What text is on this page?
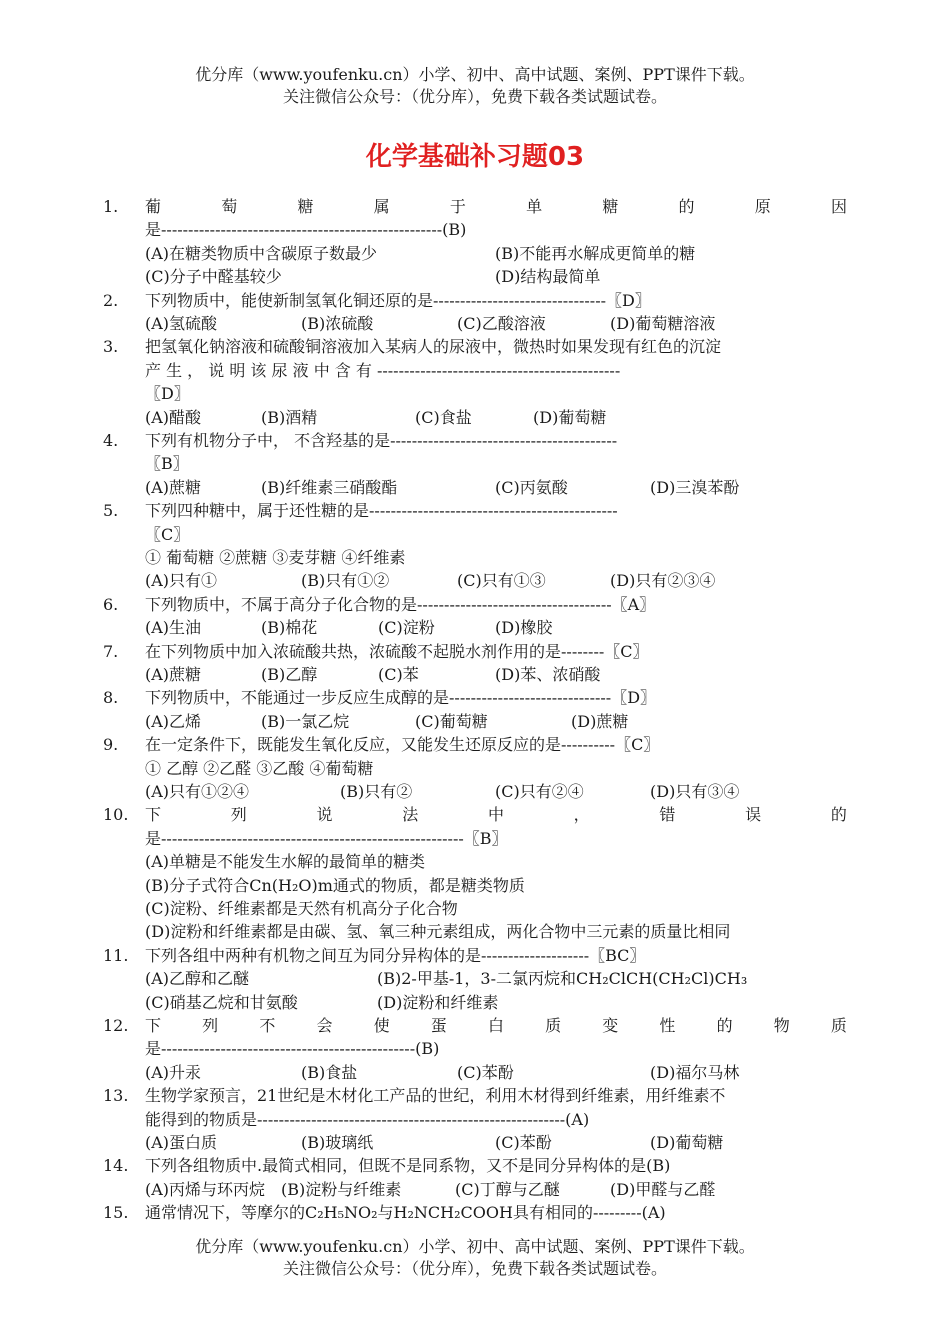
优分库（www.youfenku.cn）小学、初中、高中试题、案例、PPT课件下载。
关注微信公众号：（优分库），免费下载各类试题试卷。
化学基础补习题03
1.	葡	萄	糖	属	于	单	糖	的	原	因
是----------------------------------------------------(B)
(A)在糖类物质中含碳原子数最少	(B)不能再水解成更简单的糖
(C)分子中醛基较少	(D)结构最简单
2.	下列物质中，能使新制氢氧化铜还原的是--------------------------------〖D〗
(A)氢硫酸	(B)浓硫酸	(C)乙酸溶液	(D)葡萄糖溶液
3.	把氢氧化钠溶液和硫酸铜溶液加入某病人的尿液中，微热时如果发现有红色的沉淀
产 生 ， 说 明 该 尿 液 中 含 有 ---------------------------------------------
〖D〗
(A)醋酸	(B)酒精	(C)食盐	(D)葡萄糖
4.	下列有机物分子中， 不含羟基的是------------------------------------------
〖B〗
(A)蔗糖	(B)纤维素三硝酸酯	(C)丙氨酸	(D)三溴苯酚
5.	下列四种糖中，属于还性糖的是----------------------------------------------
〖C〗
① 葡萄糖 ②蔗糖 ③麦芽糖 ④纤维素
(A)只有①	(B)只有①②	(C)只有①③	(D)只有②③④
6.	下列物质中，不属于高分子化合物的是------------------------------------〖A〗
(A)生油	(B)棉花	(C)淀粉	(D)橡胶
7.	在下列物质中加入浓硫酸共热，浓硫酸不起脱水剂作用的是--------〖C〗
(A)蔗糖	(B)乙醇	(C)苯	(D)苯、浓硝酸
8.	下列物质中，不能通过一步反应生成醇的是------------------------------〖D〗
(A)乙烯	(B)一氯乙烷	(C)葡萄糖	(D)蔗糖
9.	在一定条件下，既能发生氧化反应，又能发生还原反应的是----------〖C〗
① 乙醇 ②乙醛 ③乙酸 ④葡萄糖
(A)只有①②④	(B)只有②	(C)只有②④	(D)只有③④
10.	下	列	说	法	中	，	错	误	的
是--------------------------------------------------------〖B〗
(A)单糖是不能发生水解的最简单的糖类
(B)分子式符合Cn(H₂O)m通式的物质，都是糖类物质
(C)淀粉、纤维素都是天然有机高分子化合物
(D)淀粉和纤维素都是由碳、氢、氧三种元素组成，两化合物中三元素的质量比相同
11.	下列各组中两种有机物之间互为同分异构体的是--------------------〖BC〗
(A)乙醇和乙醚	(B)2-甲基-1，3-二氯丙烷和CH₂ClCH(CH₂Cl)CH₃
(C)硝基乙烷和甘氨酸	(D)淀粉和纤维素
12.	下	列	不	会	使	蛋	白	质	变	性	的	物	质
是-----------------------------------------------(B)
(A)升汞	(B)食盐	(C)苯酚	(D)福尔马林
13.	生物学家预言，21世纪是木材化工产品的世纪，利用木材得到纤维素，用纤维素不
能得到的物质是---------------------------------------------------------(A)
(A)蛋白质	(B)玻璃纸	(C)苯酚	(D)葡萄糖
14.	下列各组物质中.最简式相同，但既不是同系物，又不是同分异构体的是(B)
(A)丙烯与环丙烷 (B)淀粉与纤维素	(C)丁醇与乙醚	(D)甲醛与乙醛
15.	通常情况下，等摩尔的C₂H₅NO₂与H₂NCH₂COOH具有相同的---------(A)
优分库（www.youfenku.cn）小学、初中、高中试题、案例、PPT课件下载。
关注微信公众号：（优分库），免费下载各类试题试卷。
